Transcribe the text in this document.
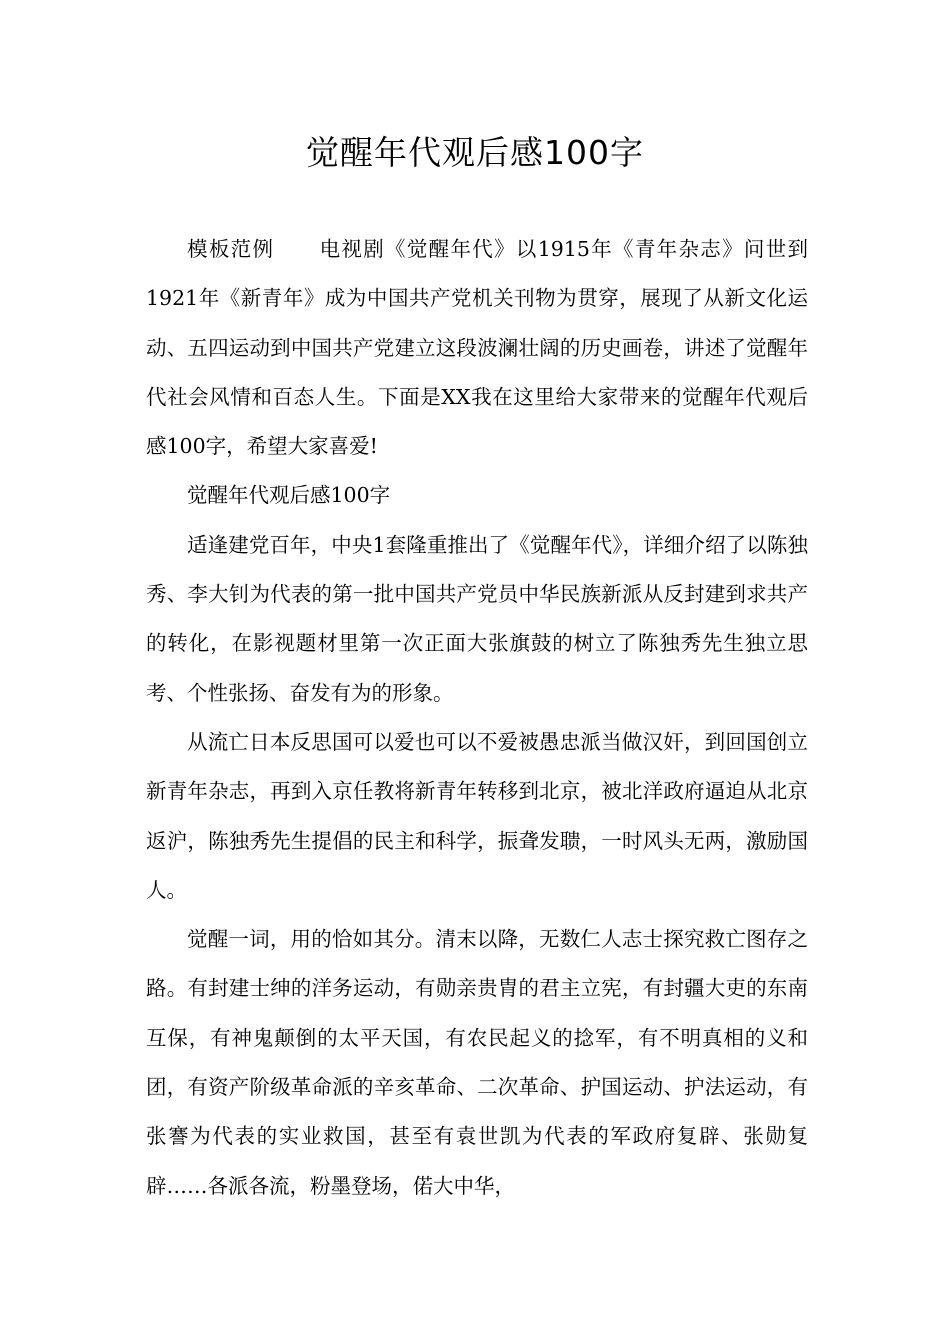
觉醒年代观后感100字

模板范例 电视剧《觉醒年代》以1915年《青年杂志》问世到1921年《新青年》成为中国共产党机关刊物为贯穿，展现了从新文化运动、五四运动到中国共产党建立这段波澜壮阔的历史画卷，讲述了觉醒年代社会风情和百态人生。下面是XX我在这里给大家带来的觉醒年代观后感100字，希望大家喜爱!

觉醒年代观后感100字

适逢建党百年，中央1套隆重推出了《觉醒年代》，详细介绍了以陈独秀、李大钊为代表的第一批中国共产党员中华民族新派从反封建到求共产的转化，在影视题材里第一次正面大张旗鼓的树立了陈独秀先生独立思考、个性张扬、奋发有为的形象。

从流亡日本反思国可以爱也可以不爱被愚忠派当做汉奸，到回国创立新青年杂志，再到入京任教将新青年转移到北京，被北洋政府逼迫从北京返沪，陈独秀先生提倡的民主和科学，振聋发聩，一时风头无两，激励国人。

觉醒一词，用的恰如其分。清末以降，无数仁人志士探究救亡图存之路。有封建士绅的洋务运动，有勋亲贵胄的君主立宪，有封疆大吏的东南互保，有神鬼颠倒的太平天国，有农民起义的捻军，有不明真相的义和团，有资产阶级革命派的辛亥革命、二次革命、护国运动、护法运动，有张謇为代表的实业救国，甚至有袁世凯为代表的军政府复辟、张勋复辟……各派各流，粉墨登场，偌大中华，
